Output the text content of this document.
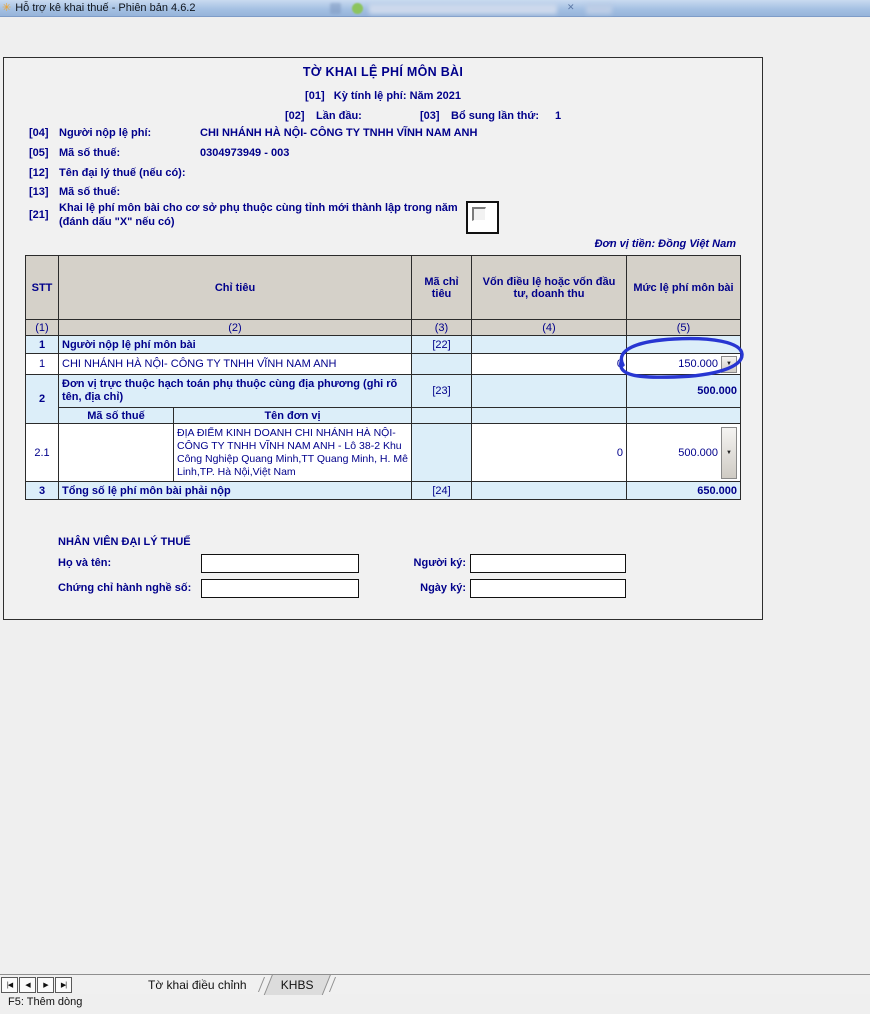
✳ Hỗ trợ kê khai thuế - Phiên bản 4.6.2	✕
TỜ KHAI LỆ PHÍ MÔN BÀI
[01] Kỳ tính lệ phí: Năm 2021
[02] Lần đầu:	[03] Bổ sung lần thứ: 1
[04] Người nộp lệ phí:	CHI NHÁNH HÀ NỘI- CÔNG TY TNHH VĨNH NAM ANH
[05] Mã số thuế:	0304973949 - 003
[12] Tên đại lý thuế (nếu có):
[13] Mã số thuế:
[21]
Khai lệ phí môn bài cho cơ sở phụ thuộc cùng tỉnh mới thành lập trong năm (đánh dấu "X" nếu có)
Đơn vị tiền: Đồng Việt Nam
STT	Chỉ tiêu		Mã chỉ tiêu	Vốn điều lệ hoặc vốn đầu tư, doanh thu	Mức lệ phí môn bài
(1)	(2)		(3)	(4)	(5)
1	Người nộp lệ phí môn bài		[22]		
1	CHI NHÁNH HÀ NỘI- CÔNG TY TNHH VĨNH NAM ANH			0	150.000 ▼

2	Đơn vị trực thuộc hạch toán phụ thuộc cùng địa phương (ghi rõ tên, địa chỉ)		[23]		500.000
	Mã số thuế	Tên đơn vị			
2.1		ĐỊA ĐIỂM KINH DOANH CHI NHÁNH HÀ NỘI- CÔNG TY TNHH VĨNH NAM ANH - Lô 38-2 Khu Công Nghiệp Quang Minh,TT Quang Minh, H. Mê Linh,TP. Hà Nội,Việt Nam		0	500.000 ▼

3	Tổng số lệ phí môn bài phải nộp		[24]		650.000
NHÂN VIÊN ĐẠI LÝ THUẾ
Họ và tên:	Người ký:
Chứng chỉ hành nghề số:	Ngày ký:
|◀	◀	▶	▶|	Tờ khai điều chỉnh	KHBS
F5: Thêm dòng
